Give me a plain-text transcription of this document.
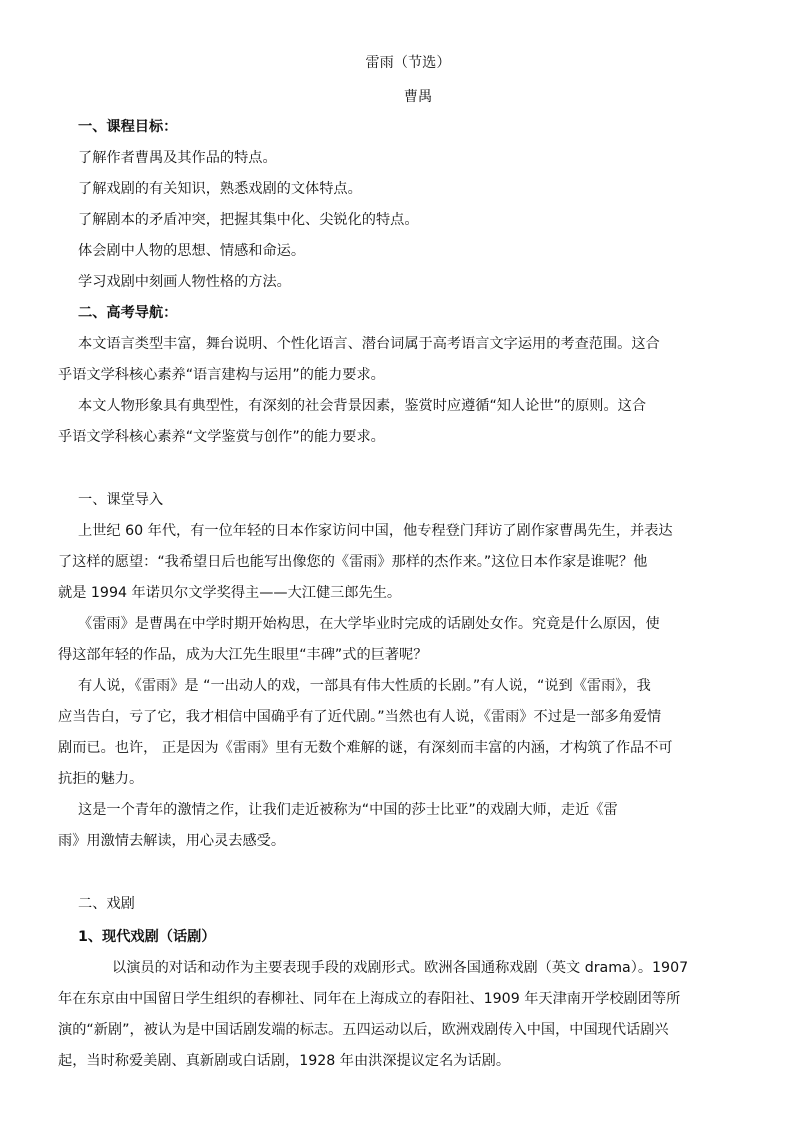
雷雨（节选）
曹禺
一、课程目标：
了解作者曹禺及其作品的特点。
了解戏剧的有关知识，熟悉戏剧的文体特点。
了解剧本的矛盾冲突，把握其集中化、尖锐化的特点。
体会剧中人物的思想、情感和命运。
学习戏剧中刻画人物性格的方法。
二、高考导航：
本文语言类型丰富，舞台说明、个性化语言、潜台词属于高考语言文字运用的考查范围。这合
乎语文学科核心素养“语言建构与运用”的能力要求。
本文人物形象具有典型性，有深刻的社会背景因素，鉴赏时应遵循“知人论世”的原则。这合
乎语文学科核心素养“文学鉴赏与创作”的能力要求。
一、课堂导入
上世纪 60 年代，有一位年轻的日本作家访问中国，他专程登门拜访了剧作家曹禺先生，并表达
了这样的愿望：“我希望日后也能写出像您的《雷雨》那样的杰作来。”这位日本作家是谁呢？他
就是 1994 年诺贝尔文学奖得主——大江健三郎先生。
《雷雨》是曹禺在中学时期开始构思，在大学毕业时完成的话剧处女作。究竟是什么原因，使
得这部年轻的作品，成为大江先生眼里“丰碑”式的巨著呢？
有人说，《雷雨》是 “一出动人的戏，一部具有伟大性质的长剧。”有人说，“说到《雷雨》，我
应当告白，亏了它，我才相信中国确乎有了近代剧。”当然也有人说，《雷雨》不过是一部多角爱情
剧而已。也许， 正是因为《雷雨》里有无数个难解的谜，有深刻而丰富的内涵，才构筑了作品不可
抗拒的魅力。
这是一个青年的激情之作，让我们走近被称为“中国的莎士比亚”的戏剧大师，走近《雷
雨》用激情去解读，用心灵去感受。
二、戏剧
1、现代戏剧（话剧）
以演员的对话和动作为主要表现手段的戏剧形式。欧洲各国通称戏剧（英文 drama）。1907
年在东京由中国留日学生组织的春柳社、同年在上海成立的春阳社、1909 年天津南开学校剧团等所
演的“新剧”，被认为是中国话剧发端的标志。五四运动以后，欧洲戏剧传入中国，中国现代话剧兴
起，当时称爱美剧、真新剧或白话剧，1928 年由洪深提议定名为话剧。
